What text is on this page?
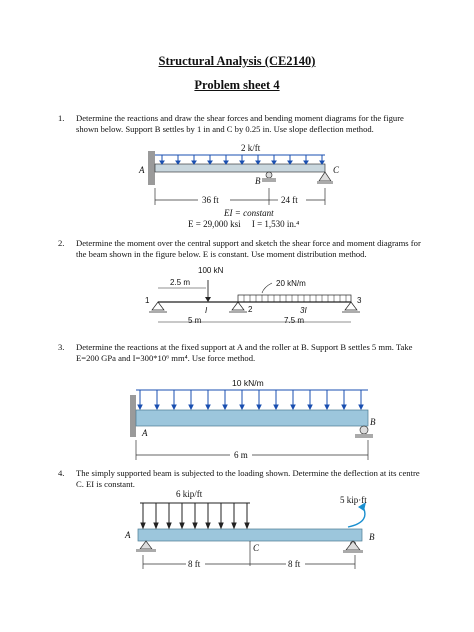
Structural Analysis (CE2140)
Problem sheet 4
1. Determine the reactions and draw the shear forces and bending moment diagrams for the figure shown below. Support B settles by 1 in and C by 0.25 in. Use slope deflection method.
2. Determine the moment over the central support and sketch the shear force and moment diagrams for the beam shown in the figure below. E is constant. Use moment distribution method.
3. Determine the reactions at the fixed support at A and the roller at B. Support B settles 5 mm. Take E=200 GPa and I=300*10⁶ mm⁴. Use force method.
4. The simply supported beam is subjected to the loading shown. Determine the deflection at its centre C. EI is constant.
2 k/ft
A
B
C
36 ft	24 ft
EI = constant
E = 29,000 ksi     I = 1,530 in.⁴
100 kN
2.5 m	20 kN/m
1
2
3
I	3I
5 m	7.5 m
10 kN/m
A
B
6 m
6 kip/ft
5 kip·ft
A	B
C
8 ft	8 ft
